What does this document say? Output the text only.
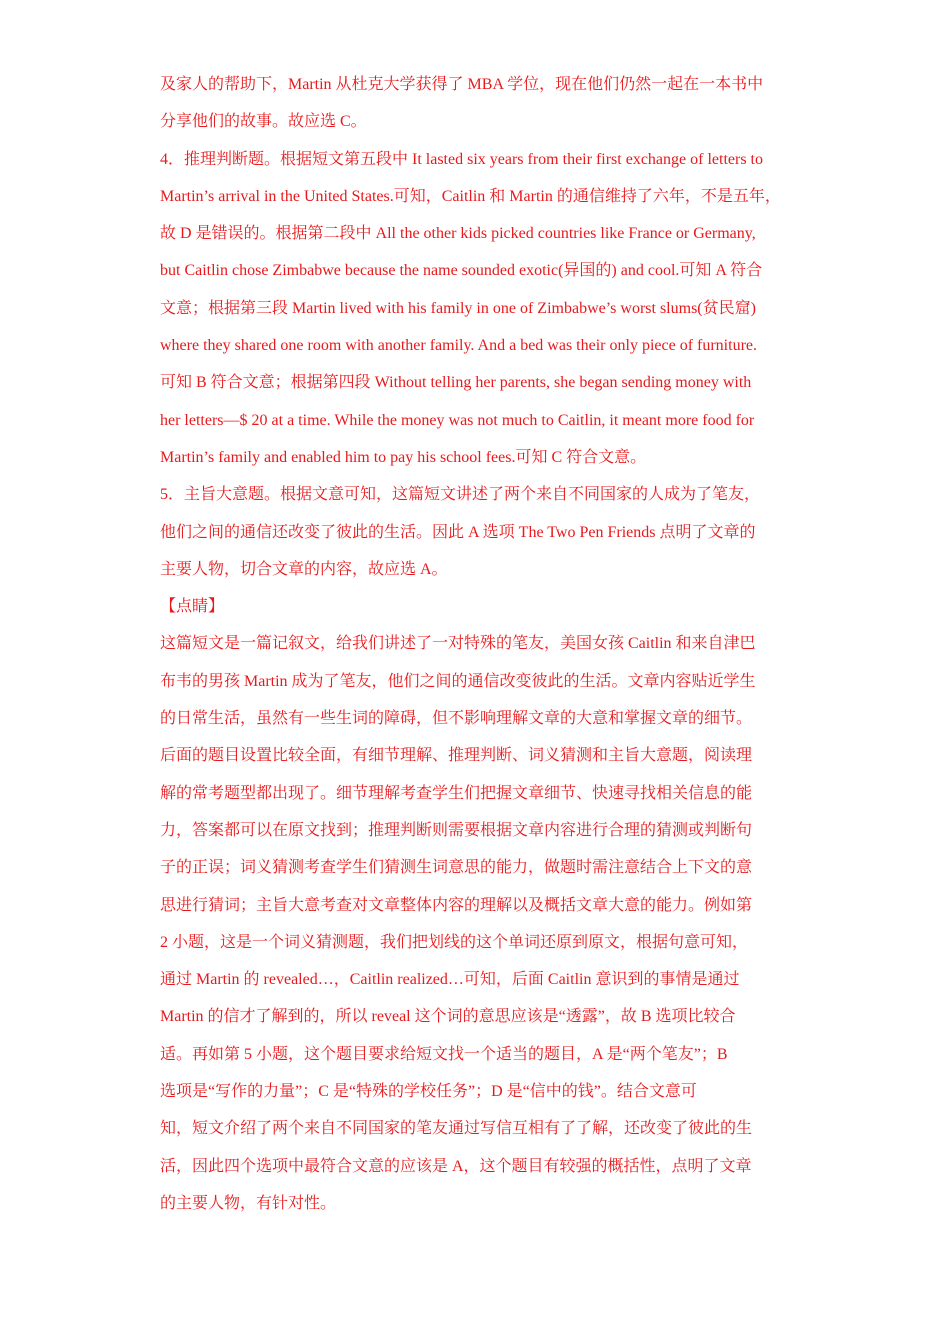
及家人的帮助下，Martin 从杜克大学获得了 MBA 学位，现在他们仍然一起在一本书中
分享他们的故事。故应选 C。
4．推理判断题。根据短文第五段中 It lasted six years from their first exchange of letters to
Martin’s arrival in the United States.可知，Caitlin 和 Martin 的通信维持了六年，不是五年，
故 D 是错误的。根据第二段中 All the other kids picked countries like France or Germany,
but Caitlin chose Zimbabwe because the name sounded exotic(异国的) and cool.可知 A 符合
文意；根据第三段 Martin lived with his family in one of Zimbabwe’s worst slums(贫民窟)
where they shared one room with another family. And a bed was their only piece of furniture.
可知 B 符合文意；根据第四段 Without telling her parents, she began sending money with
her letters—$ 20 at a time. While the money was not much to Caitlin, it meant more food for
Martin’s family and enabled him to pay his school fees.可知 C 符合文意。
5．主旨大意题。根据文意可知，这篇短文讲述了两个来自不同国家的人成为了笔友，
他们之间的通信还改变了彼此的生活。因此 A 选项 The Two Pen Friends 点明了文章的
主要人物，切合文章的内容，故应选 A。
【点睛】
这篇短文是一篇记叙文，给我们讲述了一对特殊的笔友，美国女孩 Caitlin 和来自津巴
布韦的男孩 Martin 成为了笔友，他们之间的通信改变彼此的生活。文章内容贴近学生
的日常生活，虽然有一些生词的障碍，但不影响理解文章的大意和掌握文章的细节。
后面的题目设置比较全面，有细节理解、推理判断、词义猜测和主旨大意题，阅读理
解的常考题型都出现了。细节理解考查学生们把握文章细节、快速寻找相关信息的能
力，答案都可以在原文找到；推理判断则需要根据文章内容进行合理的猜测或判断句
子的正误；词义猜测考查学生们猜测生词意思的能力，做题时需注意结合上下文的意
思进行猜词；主旨大意考查对文章整体内容的理解以及概括文章大意的能力。例如第
2 小题，这是一个词义猜测题，我们把划线的这个单词还原到原文，根据句意可知，
通过 Martin 的 revealed…，Caitlin realized…可知，后面 Caitlin 意识到的事情是通过
Martin 的信才了解到的，所以 reveal 这个词的意思应该是“透露”，故 B 选项比较合
适。再如第 5 小题，这个题目要求给短文找一个适当的题目，A 是“两个笔友”；B
选项是“写作的力量”；C 是“特殊的学校任务”；D 是“信中的钱”。结合文意可
知，短文介绍了两个来自不同国家的笔友通过写信互相有了了解，还改变了彼此的生
活，因此四个选项中最符合文意的应该是 A，这个题目有较强的概括性，点明了文章
的主要人物，有针对性。
